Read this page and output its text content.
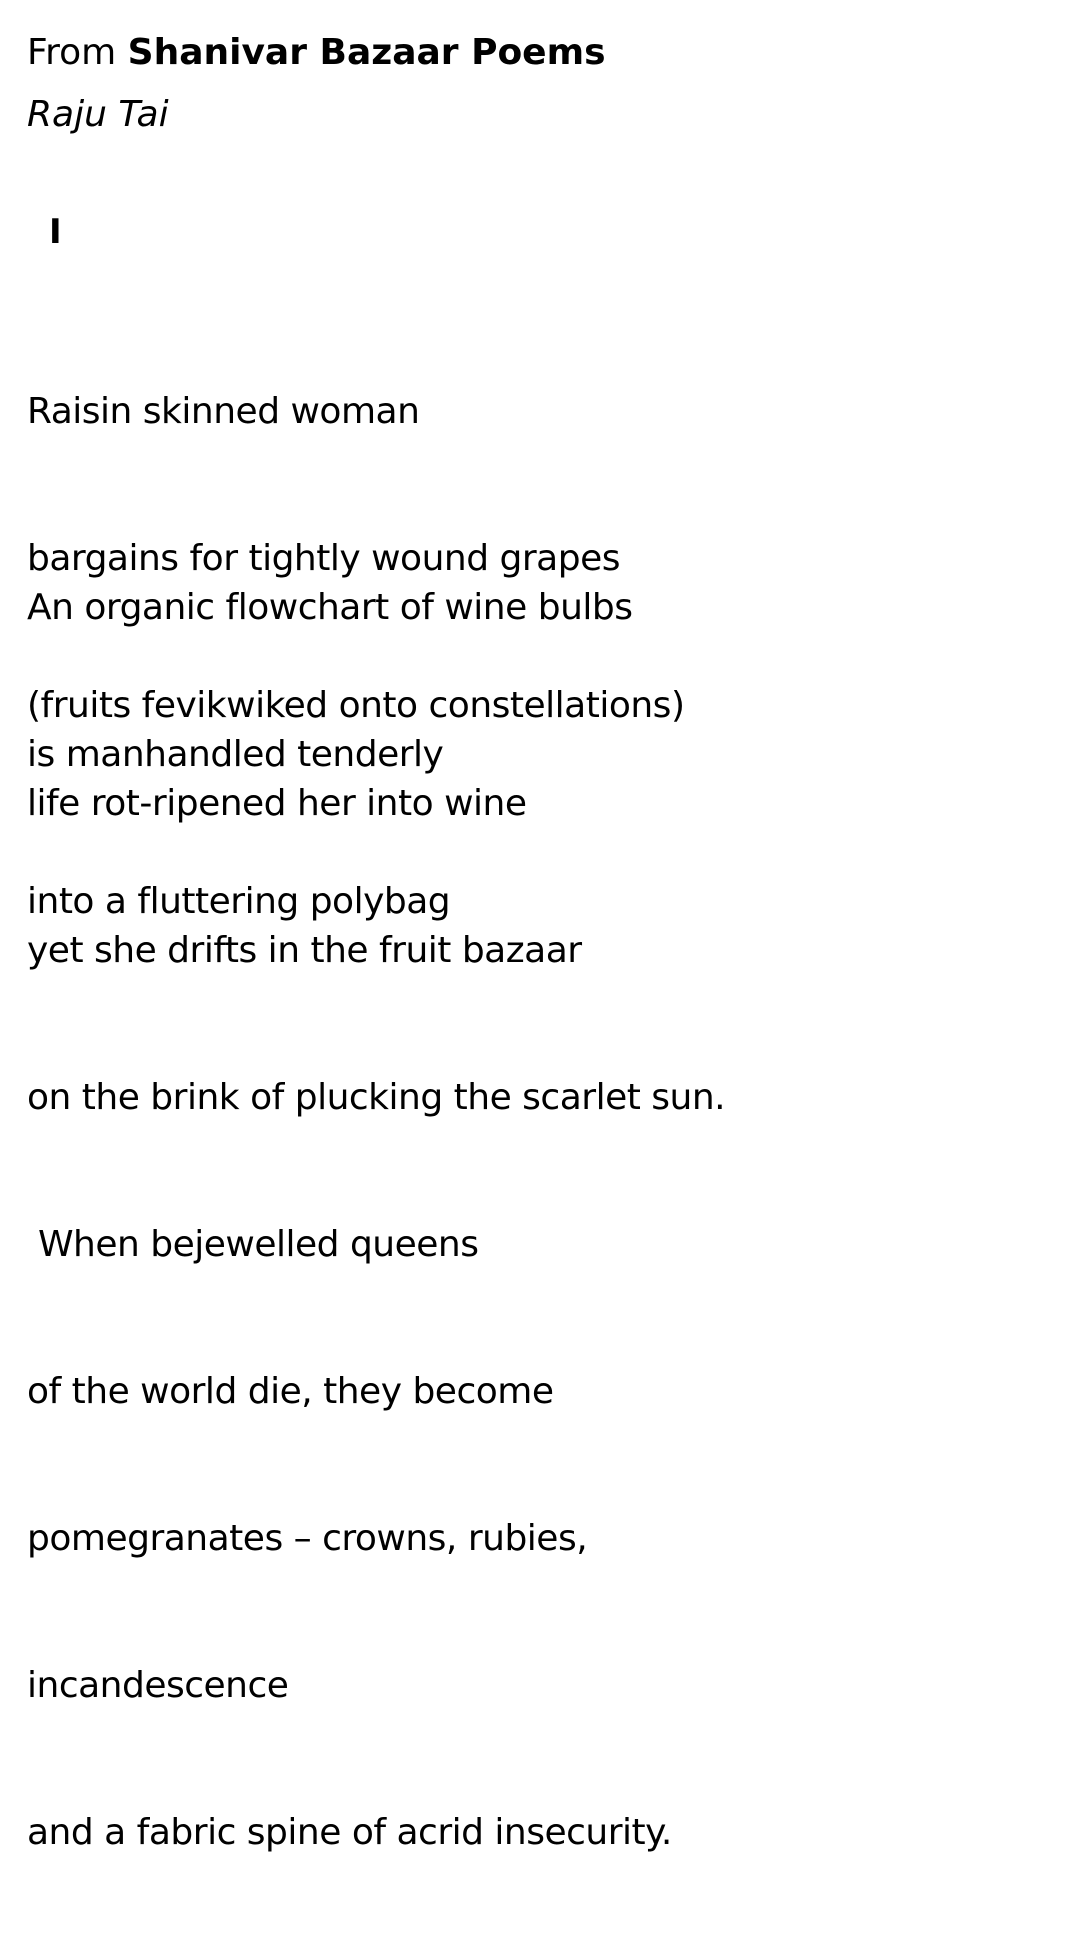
From Shanivar Bazaar Poems
Raju Tai
I

Raisin skinned woman

bargains for tightly wound grapes

(fruits fevikwiked onto constellations)

An organic flowchart of wine bulbs

is manhandled tenderly

into a fluttering polybag

life rot-ripened her into wine

yet she drifts in the fruit bazaar

on the brink of plucking the scarlet sun.

When bejewelled queens

of the world die, they become

pomegranates – crowns, rubies,

incandescence

and a fabric spine of acrid insecurity.
